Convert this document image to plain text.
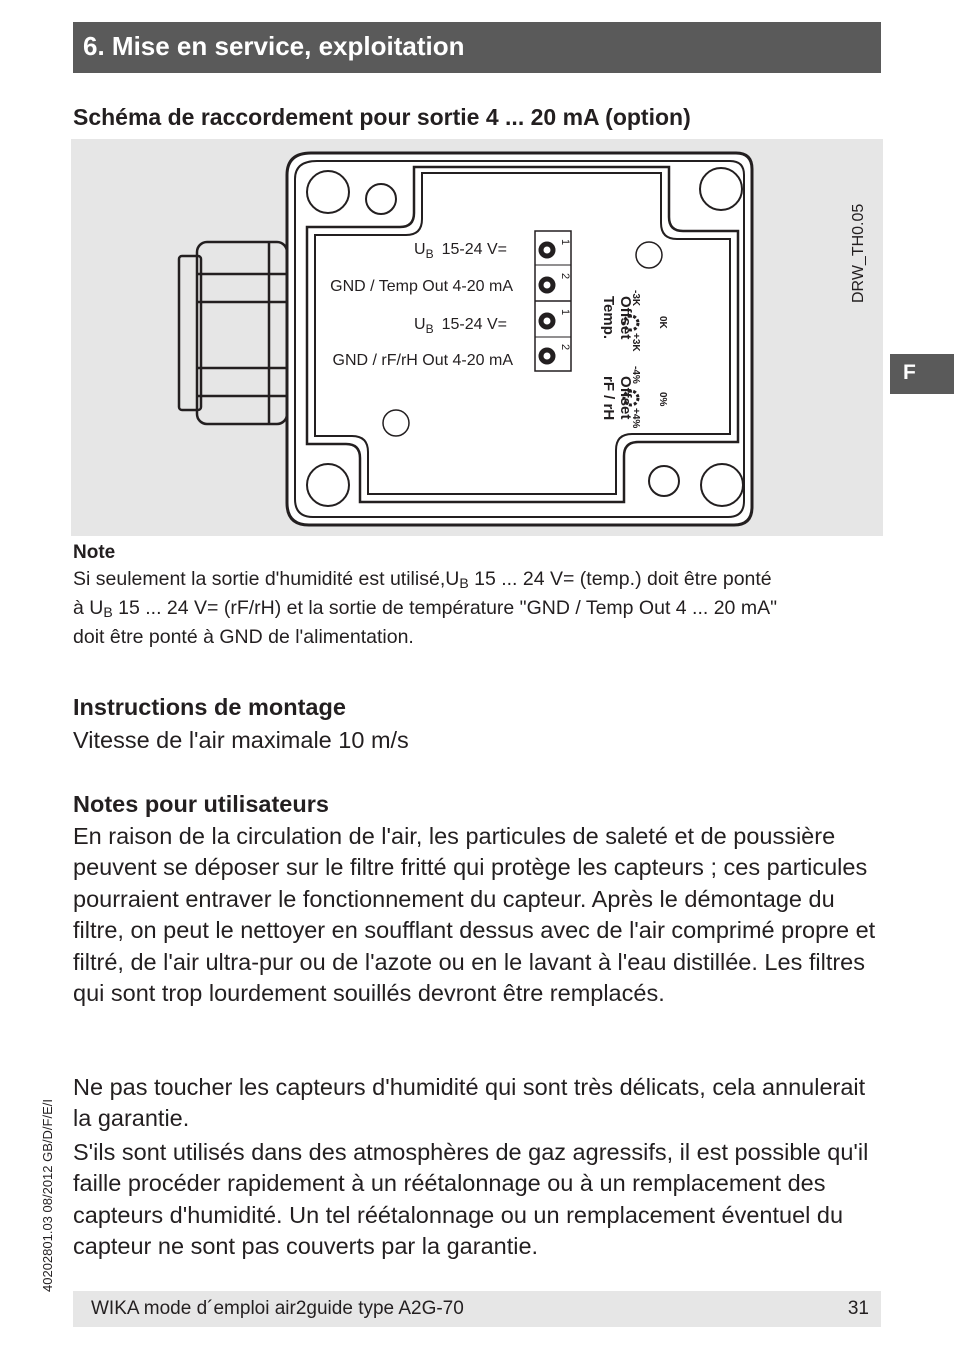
6. Mise en service, exploitation
Schéma de raccordement pour sortie 4 ... 20 mA (option)
1
2
1
2
$U_B$ 15-24 V=
GND / Temp Out 4-20 mA
$U_B$ 15-24 V=
GND / rF/rH Out 4-20 mA
Temp. Offset
-3K
+3K
0K
rF / rH Offset
-4%
+4%
0%
DRW_TH0.05
F
Note
Si seulement la sortie d'humidité est $utilisé,U_B$ 15 ... 24 V= (temp.) doit être ponté
à $U_B$ 15 ... 24 V= (rF/rH) et la sortie de température "GND / Temp Out 4 ... 20 mA"
doit être ponté à GND de l'alimentation.
Instructions de montage
Vitesse de l'air maximale 10 m/s
Notes pour utilisateurs
En raison de la circulation de l'air, les particules de saleté et de poussière peuvent se déposer sur le filtre fritté qui protège les capteurs ; ces particules pourraient entraver le fonctionnement du capteur. Après le démontage du filtre, on peut le nettoyer en soufflant dessus avec de l'air comprimé propre et filtré, de l'air ultra-pur ou de l'azote ou en le lavant à l'eau distillée. Les filtres qui sont trop lourdement souillés devront être remplacés.
Ne pas toucher les capteurs d'humidité qui sont très délicats, cela annulerait la garantie.
S'ils sont utilisés dans des atmosphères de gaz agressifs, il est possible qu'il faille procéder rapidement à un réétalonnage ou à un remplacement des capteurs d'humidité. Un tel réétalonnage ou un remplacement éventuel du capteur ne sont pas couverts par la garantie.
40202801.03 08/2012 GB/D/F/E/I
WIKA mode d´emploi air2guide type A2G-70	31
